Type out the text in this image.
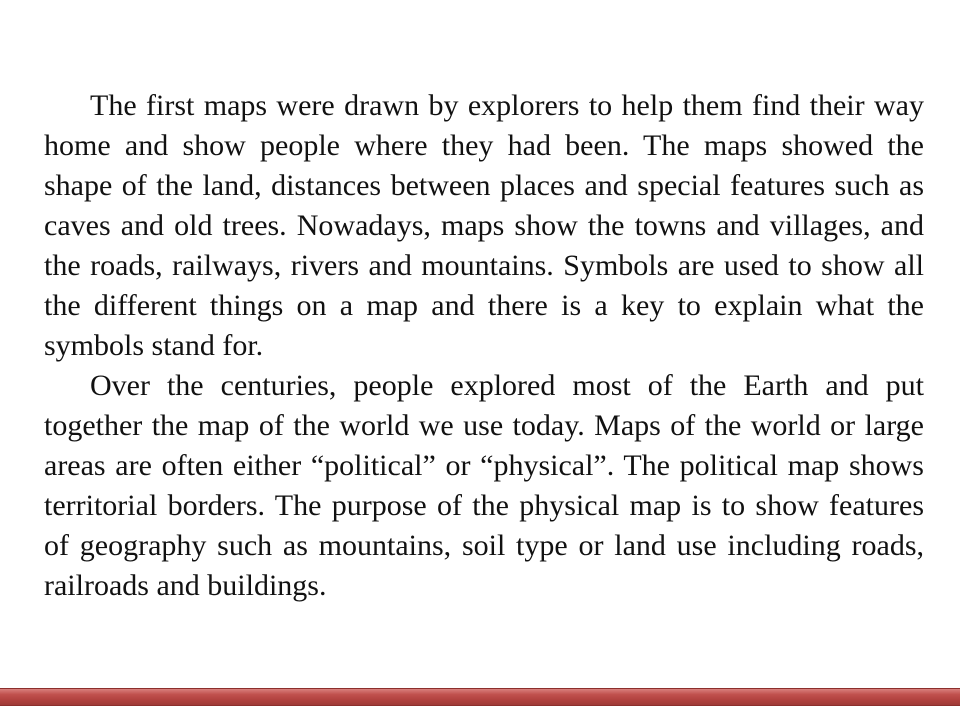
The first maps were drawn by explorers to help them find their way home and show people where they had been. The maps showed the shape of the land, distances between places and special features such as caves and old trees. Nowadays, maps show the towns and villages, and the roads, railways, rivers and mountains. Symbols are used to show all the different things on a map and there is a key to explain what the symbols stand for.

Over the centuries, people explored most of the Earth and put together the map of the world we use today. Maps of the world or large areas are often either “political” or “physical”. The political map shows territorial borders. The purpose of the physical map is to show features of geography such as mountains, soil type or land use including roads, railroads and buildings.
